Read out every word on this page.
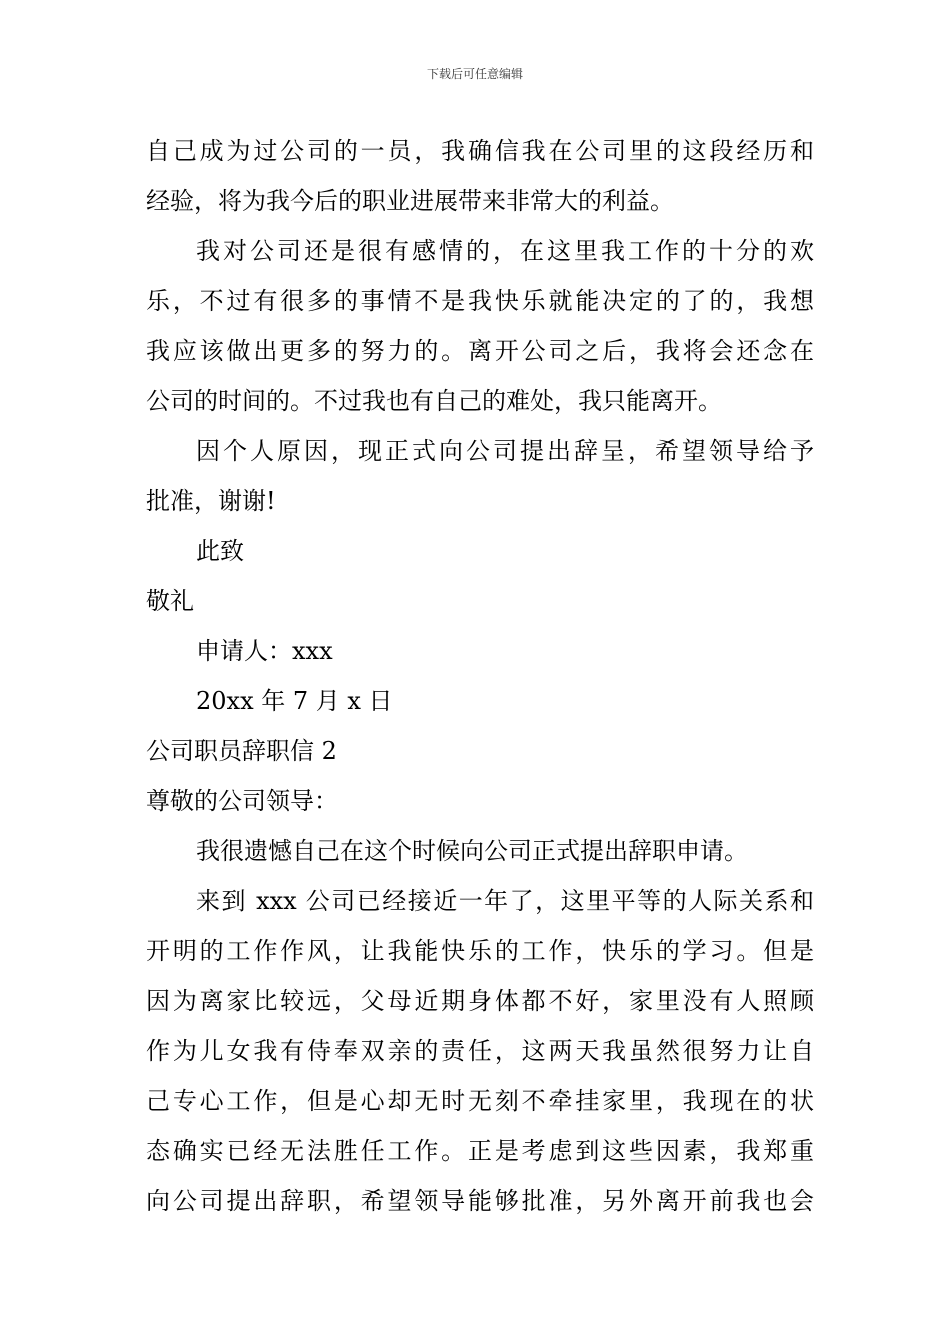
下载后可任意编辑
自己成为过公司的一员，我确信我在公司里的这段经历和
经验，将为我今后的职业进展带来非常大的利益。
我对公司还是很有感情的，在这里我工作的十分的欢
乐，不过有很多的事情不是我快乐就能决定的了的，我想
我应该做出更多的努力的。离开公司之后，我将会还念在
公司的时间的。不过我也有自己的难处，我只能离开。
因个人原因，现正式向公司提出辞呈，希望领导给予
批准，谢谢!
此致
敬礼
申请人：xxx
20xx 年 7 月 x 日
公司职员辞职信 2
尊敬的公司领导：
我很遗憾自己在这个时候向公司正式提出辞职申请。
来到 xxx 公司已经接近一年了，这里平等的人际关系和
开明的工作作风，让我能快乐的工作，快乐的学习。但是
因为离家比较远，父母近期身体都不好，家里没有人照顾
作为儿女我有侍奉双亲的责任，这两天我虽然很努力让自
己专心工作，但是心却无时无刻不牵挂家里，我现在的状
态确实已经无法胜任工作。正是考虑到这些因素，我郑重
向公司提出辞职，希望领导能够批准，另外离开前我也会
